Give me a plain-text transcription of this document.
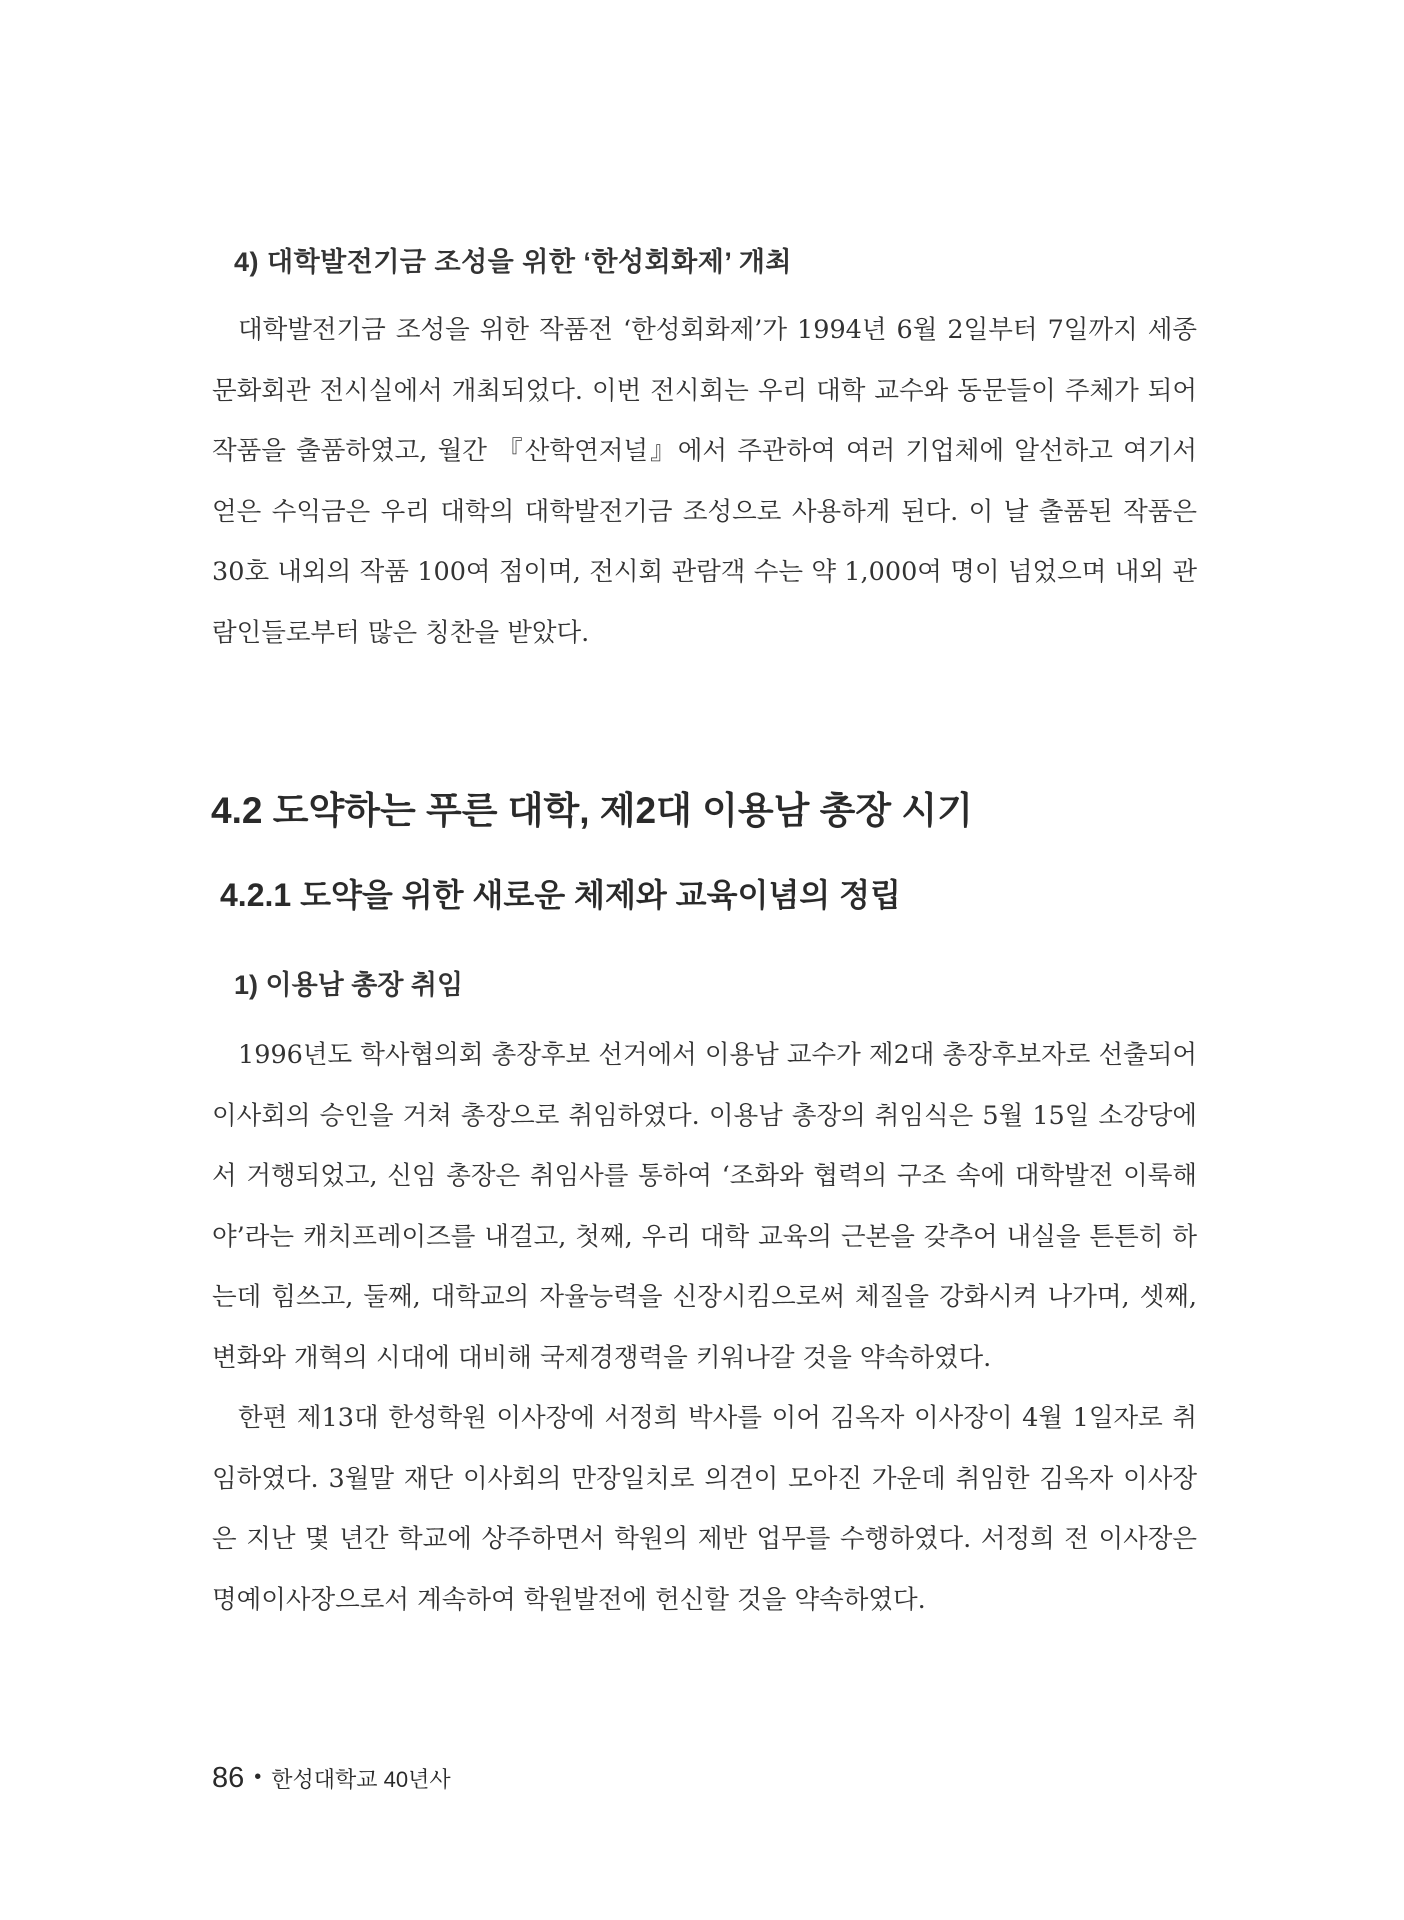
4) 대학발전기금 조성을 위한 ‘한성회화제’ 개최

대학발전기금 조성을 위한 작품전 ‘한성회화제’가 1994년 6월 2일부터 7일까지 세종문화회관 전시실에서 개최되었다. 이번 전시회는 우리 대학 교수와 동문들이 주체가 되어 작품을 출품하였고, 월간 『산학연저널』에서 주관하여 여러 기업체에 알선하고 여기서 얻은 수익금은 우리 대학의 대학발전기금 조성으로 사용하게 된다. 이 날 출품된 작품은 30호 내외의 작품 100여 점이며, 전시회 관람객 수는 약 1,000여 명이 넘었으며 내외 관람인들로부터 많은 칭찬을 받았다.

4.2 도약하는 푸른 대학, 제2대 이용남 총장 시기
4.2.1 도약을 위한 새로운 체제와 교육이념의 정립
1) 이용남 총장 취임

1996년도 학사협의회 총장후보 선거에서 이용남 교수가 제2대 총장후보자로 선출되어 이사회의 승인을 거쳐 총장으로 취임하였다. 이용남 총장의 취임식은 5월 15일 소강당에서 거행되었고, 신임 총장은 취임사를 통하여 ‘조화와 협력의 구조 속에 대학발전 이룩해야’라는 캐치프레이즈를 내걸고, 첫째, 우리 대학 교육의 근본을 갖추어 내실을 튼튼히 하는데 힘쓰고, 둘째, 대학교의 자율능력을 신장시킴으로써 체질을 강화시켜 나가며, 셋째, 변화와 개혁의 시대에 대비해 국제경쟁력을 키워나갈 것을 약속하였다.

한편 제13대 한성학원 이사장에 서정희 박사를 이어 김옥자 이사장이 4월 1일자로 취임하였다. 3월말 재단 이사회의 만장일치로 의견이 모아진 가운데 취임한 김옥자 이사장은 지난 몇 년간 학교에 상주하면서 학원의 제반 업무를 수행하였다. 서정희 전 이사장은 명예이사장으로서 계속하여 학원발전에 헌신할 것을 약속하였다.

86 • 한성대학교 40년사
